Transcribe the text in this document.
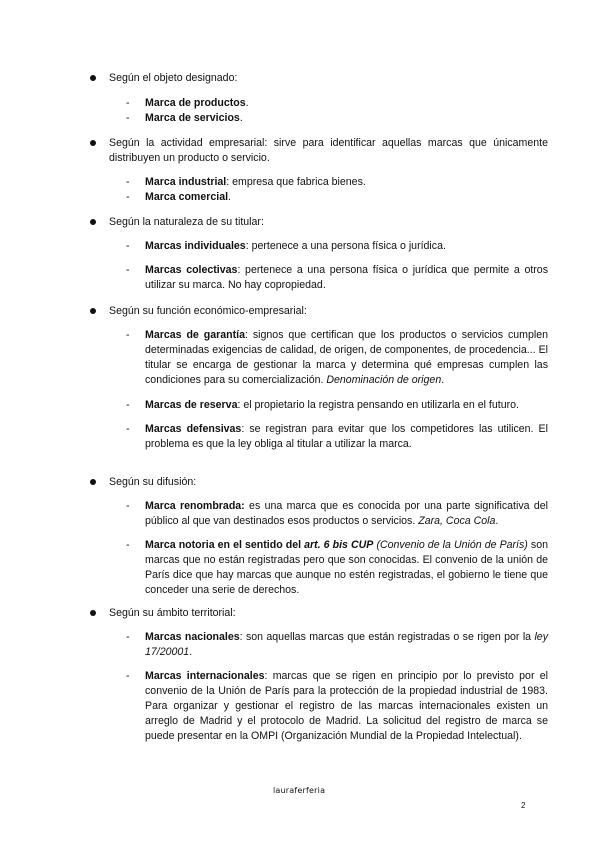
Según el objeto designado:
- Marca de productos.
- Marca de servicios.
Según la actividad empresarial: sirve para identificar aquellas marcas que únicamente distribuyen un producto o servicio.
- Marca industrial: empresa que fabrica bienes.
- Marca comercial.
Según la naturaleza de su titular:
- Marcas individuales: pertenece a una persona física o jurídica.
- Marcas colectivas: pertenece a una persona física o jurídica que permite a otros utilizar su marca. No hay copropiedad.
Según su función económico-empresarial:
- Marcas de garantía: signos que certifican que los productos o servicios cumplen determinadas exigencias de calidad, de origen, de componentes, de procedencia... El titular se encarga de gestionar la marca y determina qué empresas cumplen las condiciones para su comercialización. Denominación de origen.
- Marcas de reserva: el propietario la registra pensando en utilizarla en el futuro.
- Marcas defensivas: se registran para evitar que los competidores las utilicen. El problema es que la ley obliga al titular a utilizar la marca.
Según su difusión:
- Marca renombrada: es una marca que es conocida por una parte significativa del público al que van destinados esos productos o servicios. Zara, Coca Cola.
- Marca notoria en el sentido del art. 6 bis CUP (Convenio de la Unión de París) son marcas que no están registradas pero que son conocidas. El convenio de la unión de París dice que hay marcas que aunque no estén registradas, el gobierno le tiene que conceder una serie de derechos.
Según su ámbito territorial:
- Marcas nacionales: son aquellas marcas que están registradas o se rigen por la ley 17/20001.
- Marcas internacionales: marcas que se rigen en principio por lo previsto por el convenio de la Unión de París para la protección de la propiedad industrial de 1983. Para organizar y gestionar el registro de las marcas internacionales existen un arreglo de Madrid y el protocolo de Madrid. La solicitud del registro de marca se puede presentar en la OMPI (Organización Mundial de la Propiedad Intelectual).
lauraferferia
2
